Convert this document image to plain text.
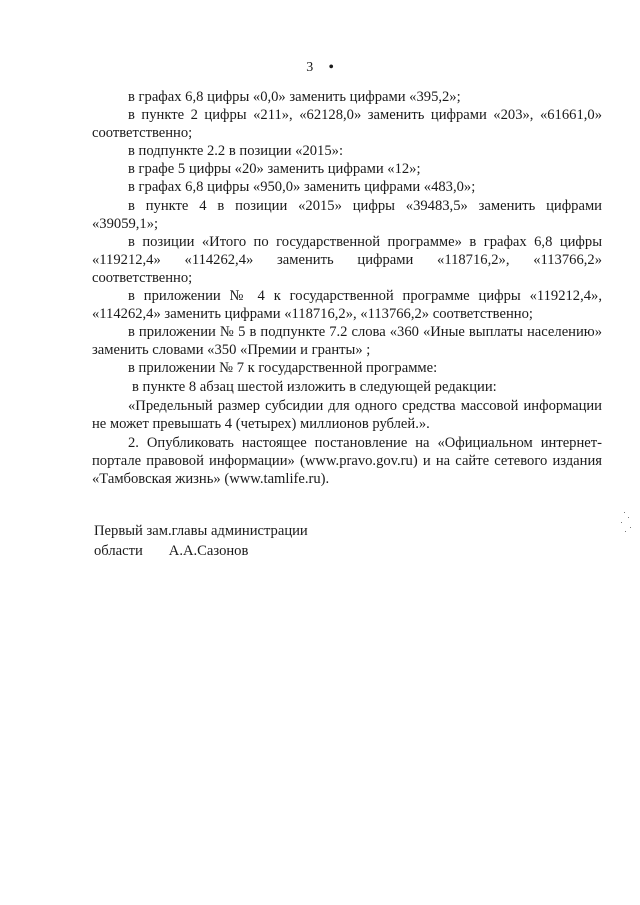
3 •

в графах 6,8 цифры «0,0» заменить цифрами «395,2»;

в пункте 2 цифры «211», «62128,0» заменить цифрами «203», «61661,0» соответственно;

в подпункте 2.2 в позиции «2015»:

в графе 5 цифры «20» заменить цифрами «12»;

в графах 6,8 цифры «950,0» заменить цифрами «483,0»;

в пункте 4 в позиции «2015» цифры «39483,5» заменить цифрами «39059,1»;

в позиции «Итого по государственной программе» в графах 6,8 цифры «119212,4» «114262,4» заменить цифрами «118716,2», «113766,2» соответственно;

в приложении № 4 к государственной программе цифры «119212,4», «114262,4» заменить цифрами «118716,2», «113766,2» соответственно;

в приложении № 5 в подпункте 7.2 слова «360 «Иные выплаты населению» заменить словами «350 «Премии и гранты» ;

в приложении № 7 к государственной программе:

в пункте 8 абзац шестой изложить в следующей редакции:

«Предельный размер субсидии для одного средства массовой информации не может превышать 4 (четырех) миллионов рублей.».

2. Опубликовать настоящее постановление на «Официальном интернет-портале правовой информации» (www.pravo.gov.ru) и на сайте сетевого издания «Тамбовская жизнь» (www.tamlife.ru).

Первый зам.главы администрации
области А.А.Сазонов
